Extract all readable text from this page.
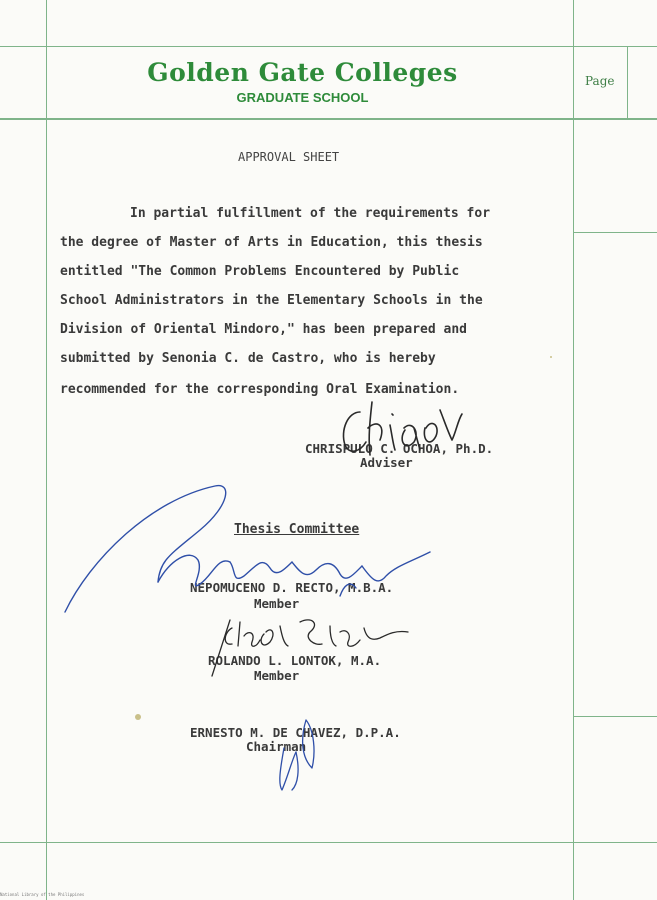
Golden Gate Colleges
GRADUATE SCHOOL
Page
APPROVAL SHEET
In partial fulfillment of the requirements for
the degree of Master of Arts in Education, this thesis
entitled "The Common Problems Encountered by Public
School Administrators in the Elementary Schools in the
Division of Oriental Mindoro," has been prepared and
submitted by Senonia C. de Castro, who is hereby
recommended for the corresponding Oral Examination.
CHRISPULO C. OCHOA, Ph.D.
Adviser
Thesis Committee
NEPOMUCENO D. RECTO, M.B.A.
Member
ROLANDO L. LONTOK, M.A.
Member
ERNESTO M. DE CHAVEZ, D.P.A.
Chairman
National Library of the Philippines
